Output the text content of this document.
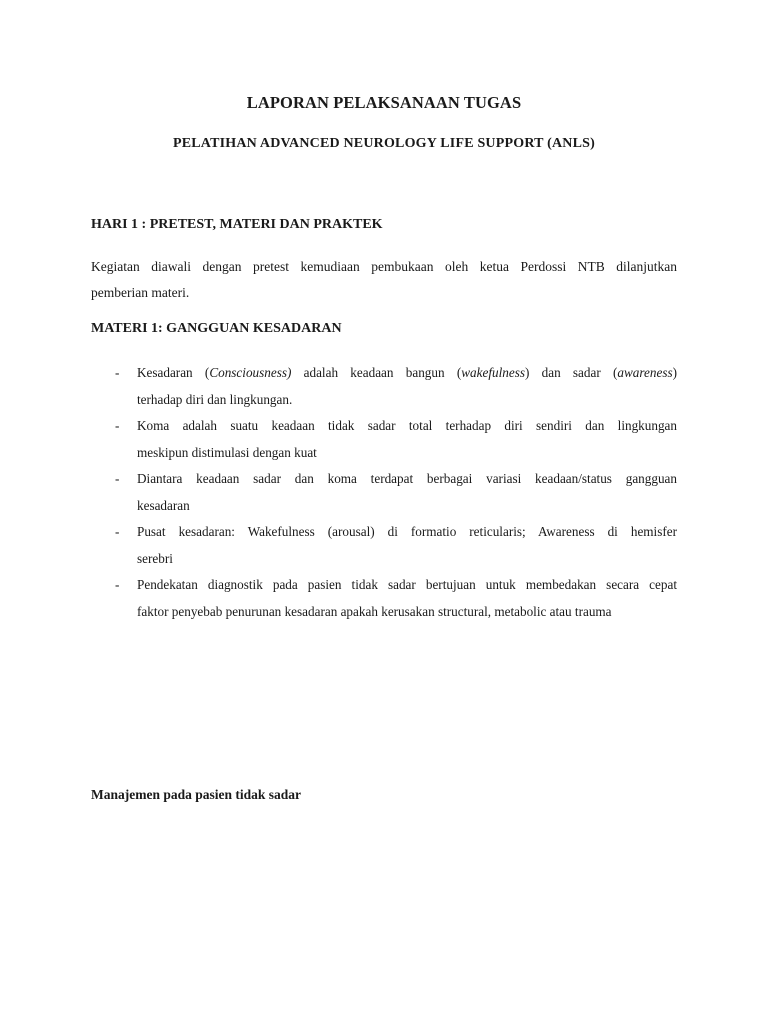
LAPORAN PELAKSANAAN TUGAS
PELATIHAN ADVANCED NEUROLOGY LIFE SUPPORT (ANLS)
HARI 1 : PRETEST, MATERI DAN PRAKTEK

Kegiatan diawali dengan pretest kemudiaan pembukaan oleh ketua Perdossi NTB dilanjutkan
pemberian materi.

MATERI 1: GANGGUAN KESADARAN
- Kesadaran (Consciousness) adalah keadaan bangun (wakefulness) dan sadar (awareness)
terhadap diri dan lingkungan.
- Koma adalah suatu keadaan tidak sadar total terhadap diri sendiri dan lingkungan
meskipun distimulasi dengan kuat
- Diantara keadaan sadar dan koma terdapat berbagai variasi keadaan/status gangguan
kesadaran
- Pusat kesadaran: Wakefulness (arousal) di formatio reticularis; Awareness di hemisfer
serebri
- Pendekatan diagnostik pada pasien tidak sadar bertujuan untuk membedakan secara cepat
faktor penyebab penurunan kesadaran apakah kerusakan structural, metabolic atau trauma
Manajemen pada pasien tidak sadar
